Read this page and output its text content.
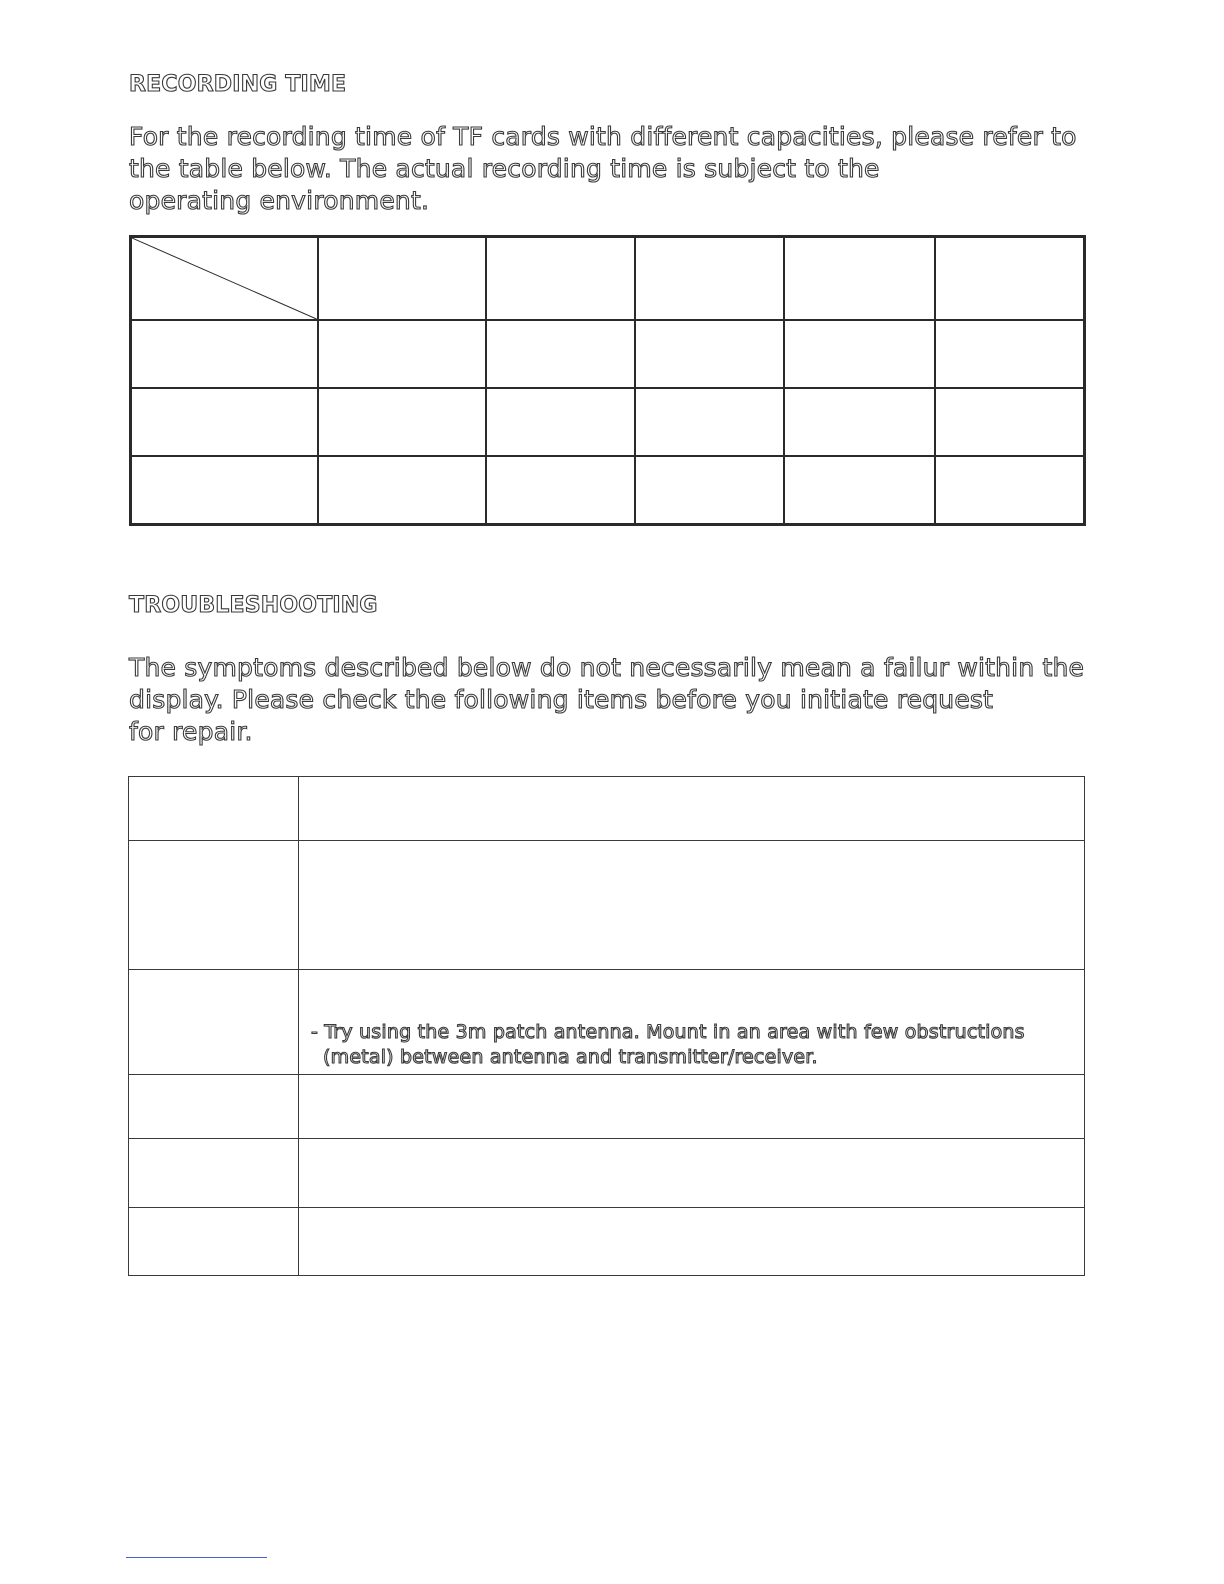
RECORDING TIME
For the recording time of TF cards with different capacities, please refer to
the table below. The actual recording time is subject to the
operating environment.

TROUBLESHOOTING
The symptoms described below do not necessarily mean a failur within the
display. Please check the following items before you initiate request
for repair.

	- Try using the 3m patch antenna. Mount in an area with few obstructions
(metal) between antenna and transmitter/receiver.
